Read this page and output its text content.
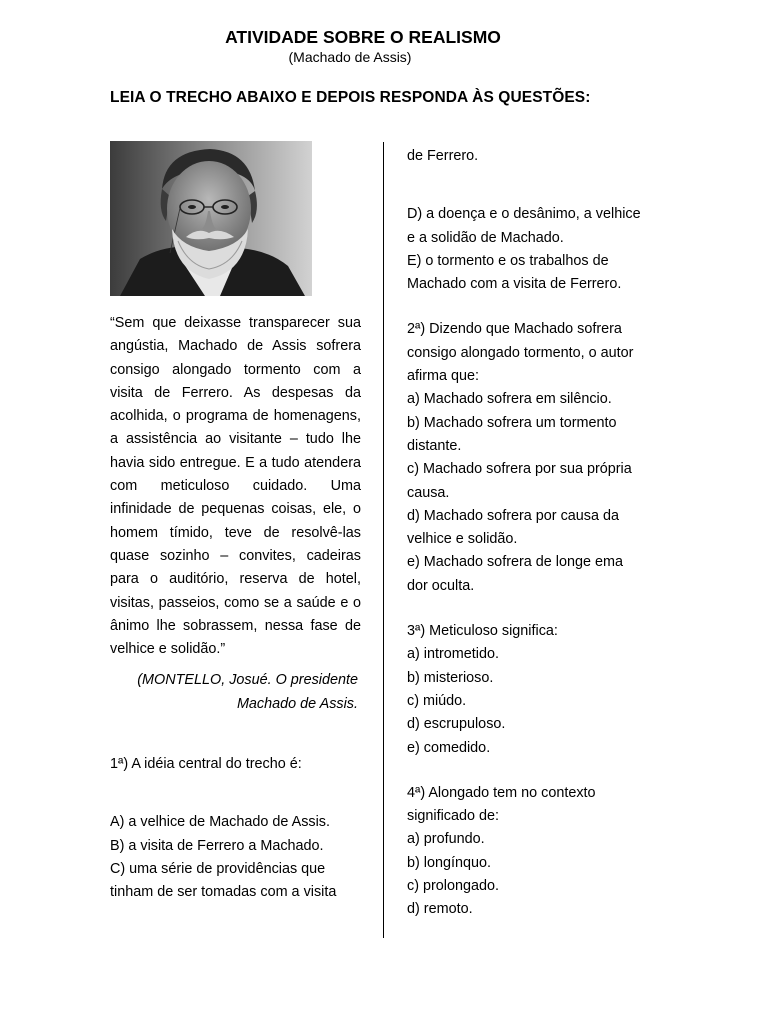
ATIVIDADE SOBRE O REALISMO
(Machado de Assis)
LEIA O TRECHO ABAIXO E DEPOIS RESPONDA ÀS QUESTÕES:

“Sem que deixasse transparecer sua angústia, Machado de Assis sofrera consigo alongado tormento com a visita de Ferrero. As despesas da acolhida, o programa de homenagens, a assistência ao visitante – tudo lhe havia sido entregue. E a tudo atendera com meticuloso cuidado. Uma infinidade de pequenas coisas, ele, o homem tímido, teve de resolvê-las quase sozinho – convites, cadeiras para o auditório, reserva de hotel, visitas, passeios, como se a saúde e o ânimo lhe sobrassem, nessa fase de velhice e solidão.”

(MONTELLO, Josué. O presidente
Machado de Assis.
1ª) A idéia central do trecho é:
A) a velhice de Machado de Assis.
B) a visita de Ferrero a Machado.
C) uma série de providências que
tinham de ser tomadas com a visita
de Ferrero.
D) a doença e o desânimo, a velhice
e a solidão de Machado.
E) o tormento e os trabalhos de
Machado com a visita de Ferrero.
2ª) Dizendo que Machado sofrera
consigo alongado tormento, o autor
afirma que:
a) Machado sofrera em silêncio.
b) Machado sofrera um tormento
distante.
c) Machado sofrera por sua própria
causa.
d) Machado sofrera por causa da
velhice e solidão.
e) Machado sofrera de longe ema
dor oculta.
3ª) Meticuloso significa:
a) intrometido.
b) misterioso.
c) miúdo.
d) escrupuloso.
e) comedido.
4ª) Alongado tem no contexto
significado de:
a) profundo.
b) longínquo.
c) prolongado.
d) remoto.
